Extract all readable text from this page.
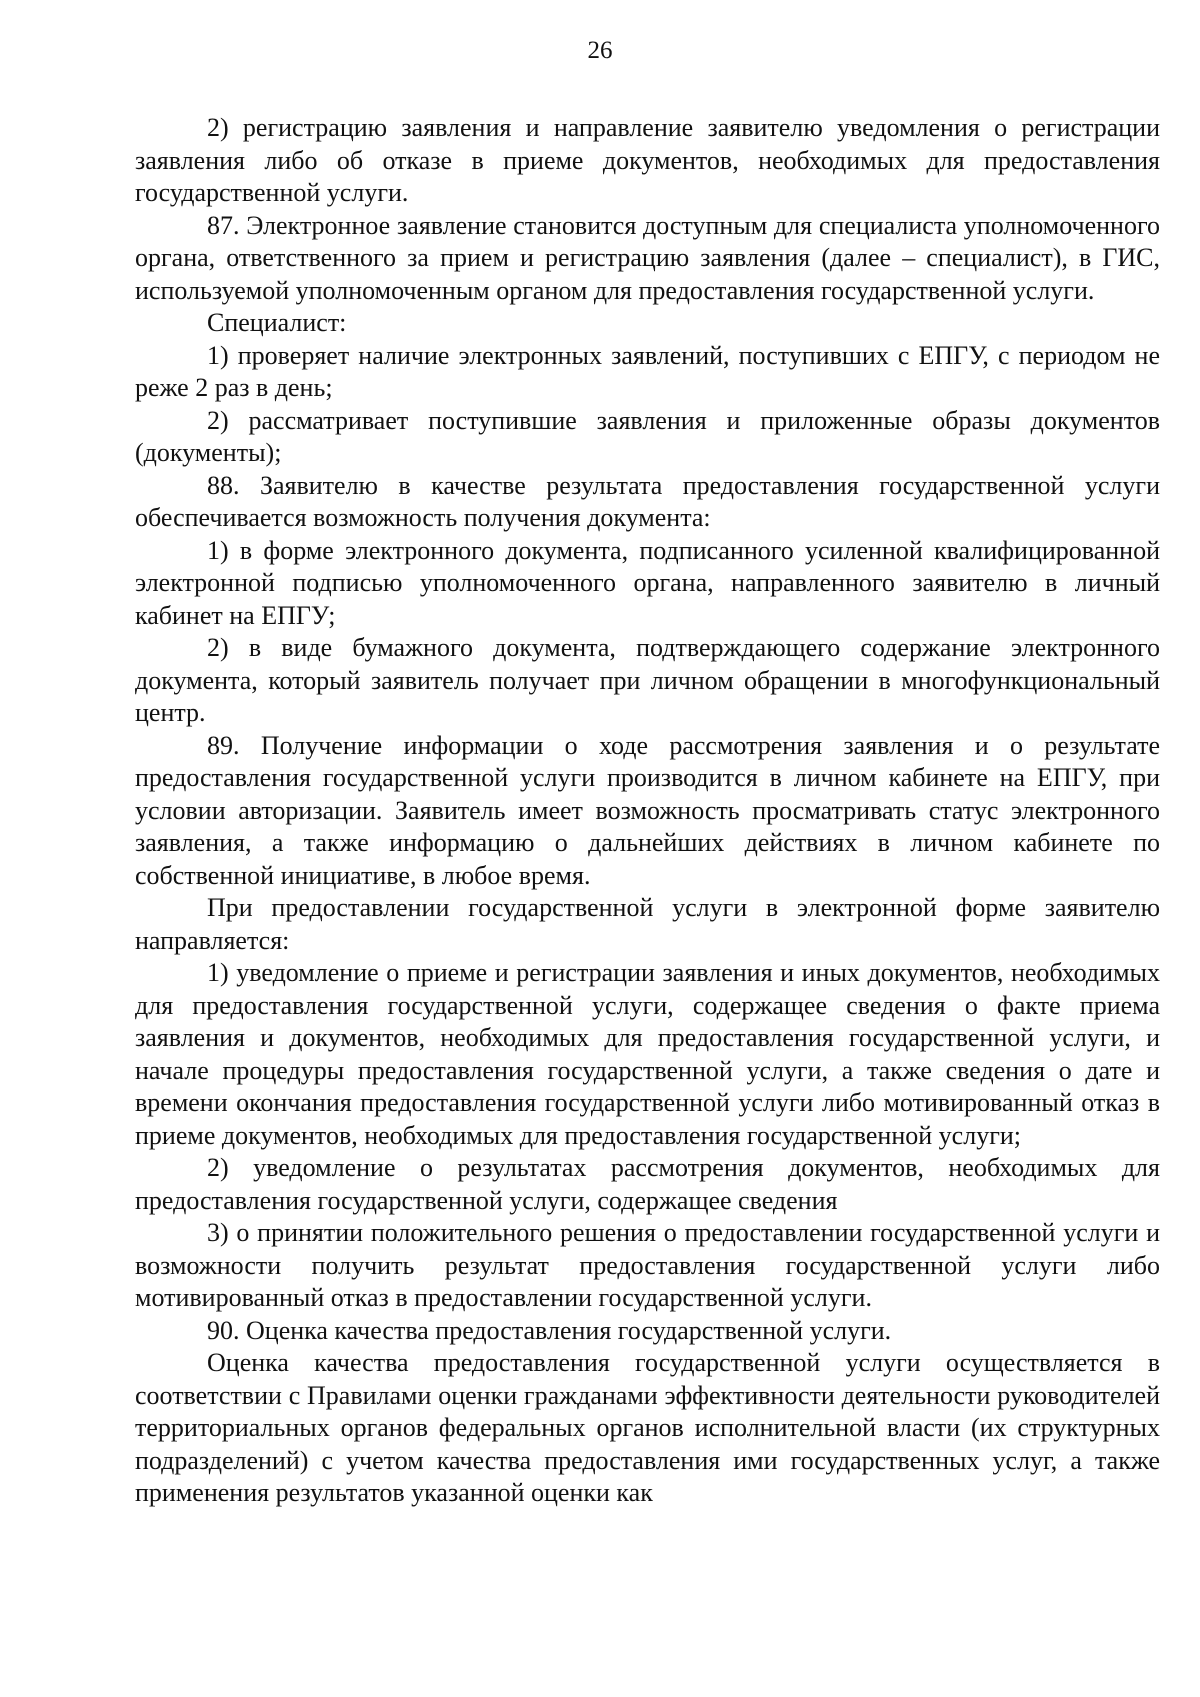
26

2) регистрацию заявления и направление заявителю уведомления о регистрации заявления либо об отказе в приеме документов, необходимых для предоставления государственной услуги.

87. Электронное заявление становится доступным для специалиста уполномоченного органа, ответственного за прием и регистрацию заявления (далее – специалист), в ГИС, используемой уполномоченным органом для предоставления государственной услуги.

Специалист:

1) проверяет наличие электронных заявлений, поступивших с ЕПГУ, с периодом не реже 2 раз в день;

2) рассматривает поступившие заявления и приложенные образы документов (документы);

88. Заявителю в качестве результата предоставления государственной услуги обеспечивается возможность получения документа:

1) в форме электронного документа, подписанного усиленной квалифицированной электронной подписью уполномоченного органа, направленного заявителю в личный кабинет на ЕПГУ;

2) в виде бумажного документа, подтверждающего содержание электронного документа, который заявитель получает при личном обращении в многофункциональный центр.

89. Получение информации о ходе рассмотрения заявления и о результате предоставления государственной услуги производится в личном кабинете на ЕПГУ, при условии авторизации. Заявитель имеет возможность просматривать статус электронного заявления, а также информацию о дальнейших действиях в личном кабинете по собственной инициативе, в любое время.

При предоставлении государственной услуги в электронной форме заявителю направляется:

1) уведомление о приеме и регистрации заявления и иных документов, необходимых для предоставления государственной услуги, содержащее сведения о факте приема заявления и документов, необходимых для предоставления государственной услуги, и начале процедуры предоставления государственной услуги, а также сведения о дате и времени окончания предоставления государственной услуги либо мотивированный отказ в приеме документов, необходимых для предоставления государственной услуги;

2) уведомление о результатах рассмотрения документов, необходимых для предоставления государственной услуги, содержащее сведения

3) о принятии положительного решения о предоставлении государственной услуги и возможности получить результат предоставления государственной услуги либо мотивированный отказ в предоставлении государственной услуги.

90. Оценка качества предоставления государственной услуги.

Оценка качества предоставления государственной услуги осуществляется в соответствии с Правилами оценки гражданами эффективности деятельности руководителей территориальных органов федеральных органов исполнительной власти (их структурных подразделений) с учетом качества предоставления ими государственных услуг, а также применения результатов указанной оценки как
